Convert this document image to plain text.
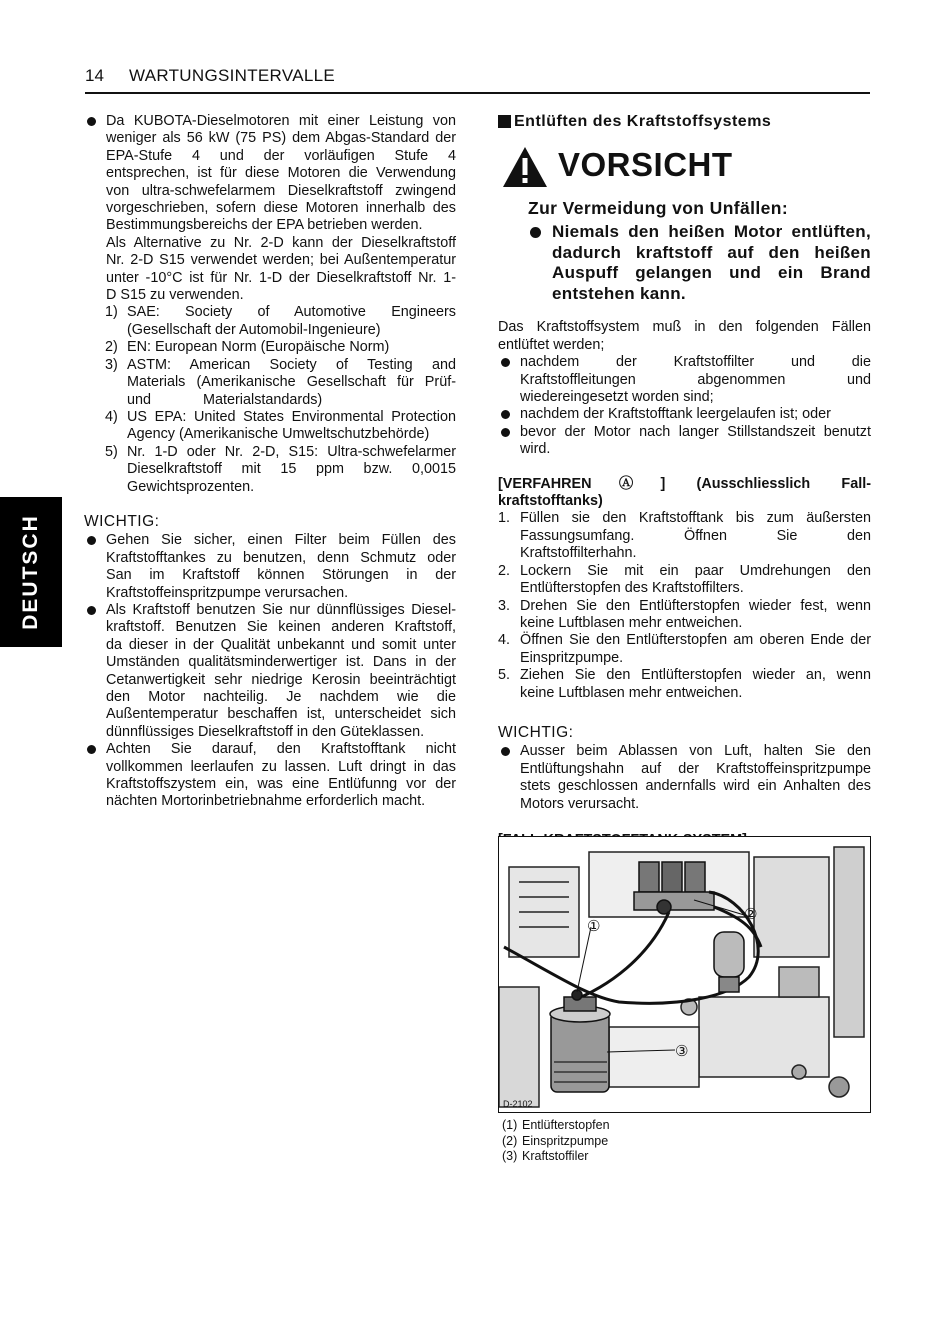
14 WARTUNGSINTERVALLE
DEUTSCH
Da KUBOTA-Dieselmotoren mit einer Leistung von
weniger als 56 kW (75 PS) dem Abgas-Standard der
EPA-Stufe 4 und der vorläufigen Stufe 4
entsprechen, ist für diese Motoren die Verwendung
von ultra-schwefelarmem Dieselkraftstoff zwingend
vorgeschrieben, sofern diese Motoren innerhalb des
Bestimmungsbereichs der EPA betrieben werden.
Als Alternative zu Nr. 2-D kann der Dieselkraftstoff
Nr. 2-D S15 verwendet werden; bei Außentemperatur
unter -10°C ist für Nr. 1-D der Dieselkraftstoff Nr. 1-
D S15 zu verwenden.
1) SAE: Society of Automotive Engineers
(Gesellschaft der Automobil-Ingenieure)
2) EN: European Norm (Europäische Norm)
3) ASTM: American Society of Testing and
Materials (Amerikanische Gesellschaft für Prüf-
und Materialstandards)
4) US EPA: United States Environmental Protection
Agency (Amerikanische Umweltschutzbehörde)
5) Nr. 1-D oder Nr. 2-D, S15: Ultra-schwefelarmer
Dieselkraftstoff mit 15 ppm bzw. 0,0015
Gewichtsprozenten.
WICHTIG:
Gehen Sie sicher, einen Filter beim Füllen des
Kraftstofftankes zu benutzen, denn Schmutz oder
San im Kraftstoff können Störungen in der
Kraftstoffeinspritzpumpe verursachen.
Als Kraftstoff benutzen Sie nur dünnflüssiges Diesel-
kraftstoff. Benutzen Sie keinen anderen Kraftstoff,
da dieser in der Qualität unbekannt und somit unter
Umständen qualitätsminderwertiger ist. Dans in der
Cetanwertigkeit sehr niedrige Kerosin beeinträchtigt
den Motor nachteilig. Je nachdem wie die
Außentemperatur beschaffen ist, unterscheidet sich
dünnflüssiges Dieselkraftstoff in den Güteklassen.
Achten Sie darauf, den Kraftstofftank nicht
vollkommen leerlaufen zu lassen. Luft dringt in das
Kraftstoffszystem ein, was eine Entlüfunng vor der
nächten Mortorinbetriebnahme erforderlich macht.
Entlüften des Kraftstoffsystems
VORSICHT
Zur Vermeidung von Unfällen:
Niemals den heißen Motor entlüften,
dadurch kraftstoff auf den heißen
Auspuff gelangen und ein Brand
entstehen kann.
Das Kraftstoffsystem muß in den folgenden Fällen
entlüftet werden;
nachdem der Kraftstoffilter und die
Kraftstoffleitungen abgenommen und
wiedereingesetzt worden sind;
nachdem der Kraftstofftank leergelaufen ist; oder
bevor der Motor nach langer Stillstandszeit benutzt
wird.
[VERFAHRENⒶ] (Ausschliesslich Fall-
kraftstofftanks)
1. Füllen sie den Kraftstofftank bis zum äußersten
Fassungsumfang. Öffnen Sie den
Kraftstoffilterhahn.
2. Lockern Sie mit ein paar Umdrehungen den
Entlüfterstopfen des Kraftstoffilters.
3. Drehen Sie den Entlüfterstopfen wieder fest, wenn
keine Luftblasen mehr entweichen.
4. Öffnen Sie den Entlüfterstopfen am oberen Ende der
Einspritzpumpe.
5. Ziehen Sie den Entlüfterstopfen wieder an, wenn
keine Luftblasen mehr entweichen.
WICHTIG:
Ausser beim Ablassen von Luft, halten Sie den
Entlüftungshahn auf der Kraftstoffeinspritzpumpe
stets geschlossen andernfalls wird ein Anhalten des
Motors verursacht.
①
②
③
D-2102
(1) Entlüfterstopfen
(2) Einspritzpumpe
(3) Kraftstoffiler
